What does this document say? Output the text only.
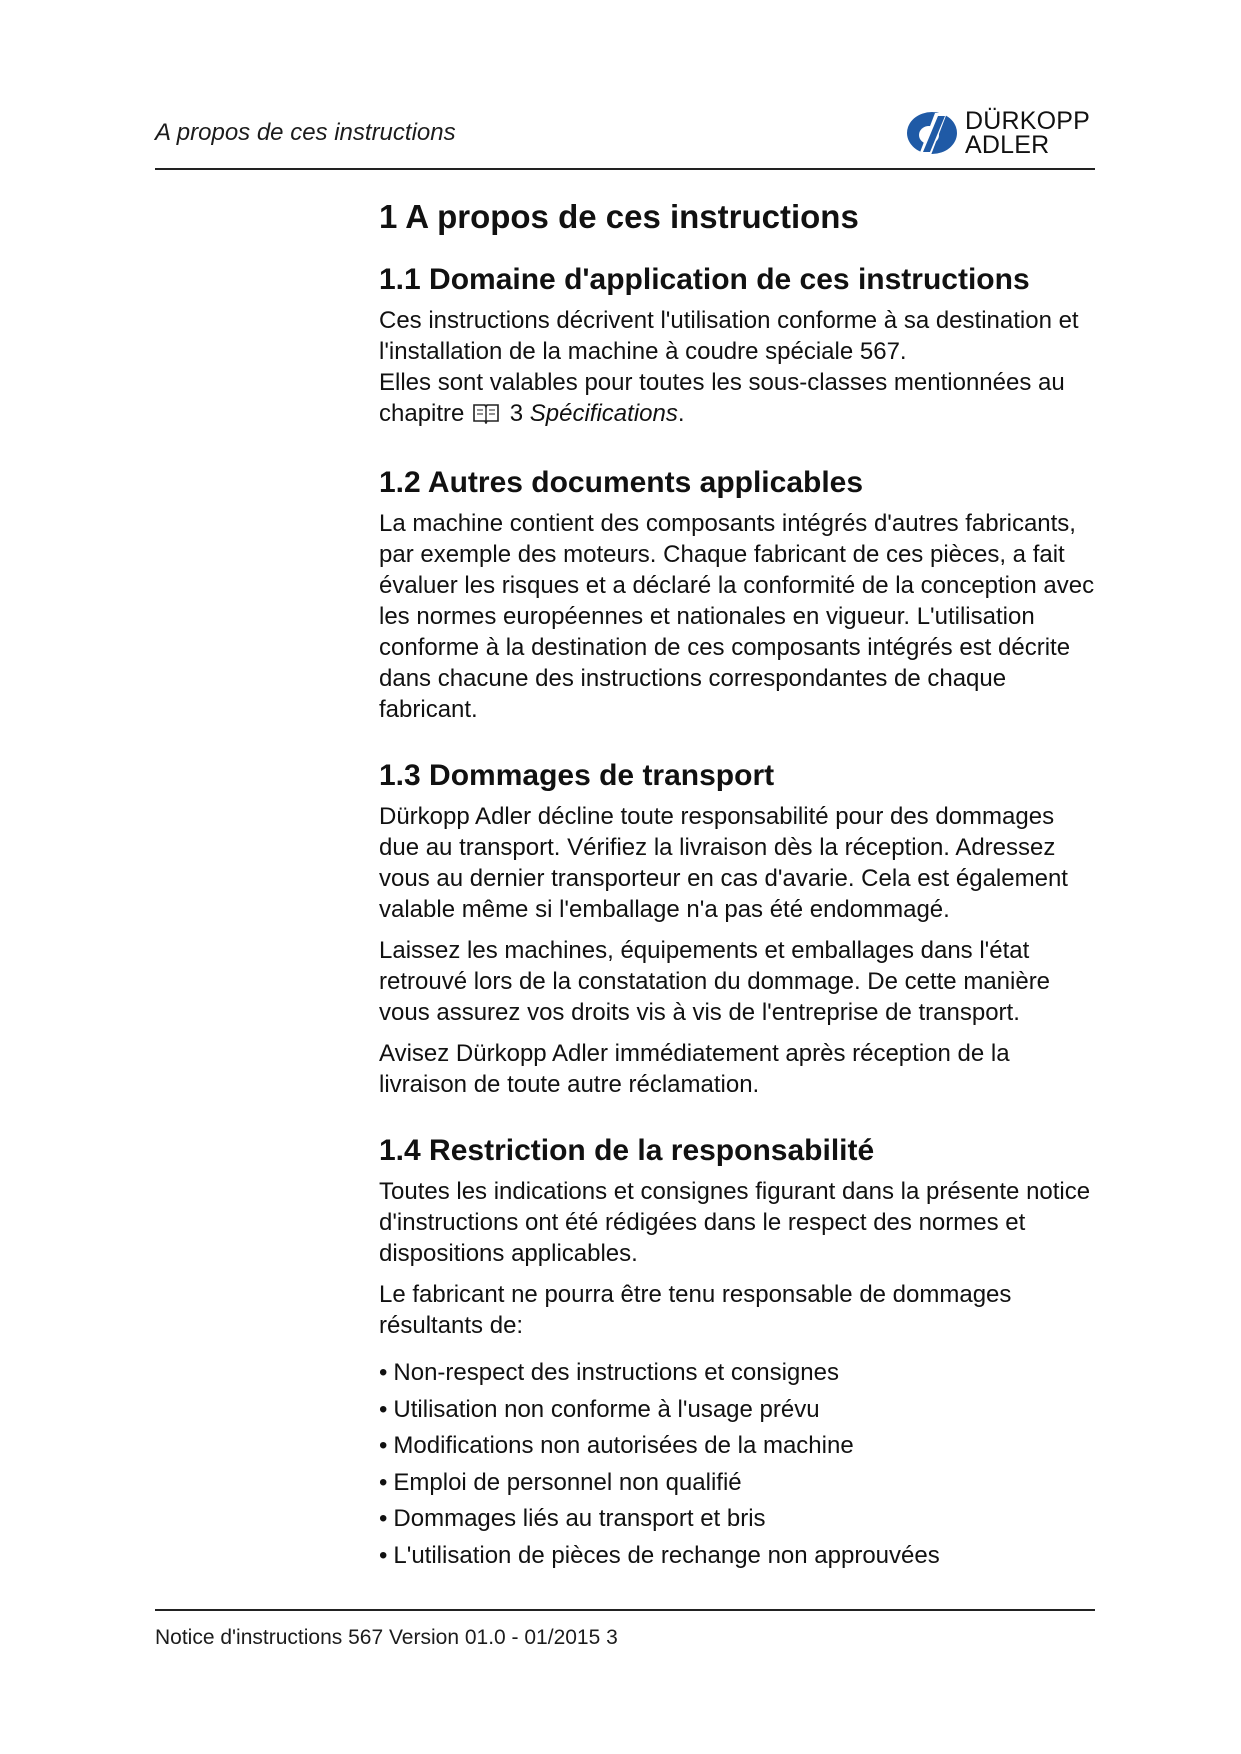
A propos de ces instructions	DÜRKOPP
ADLER
1 A propos de ces instructions
1.1 Domaine d'application de ces instructions

Ces instructions décrivent l'utilisation conforme à sa destination et l'installation de la machine à coudre spéciale 567.

Elles sont valables pour toutes les sous-classes mentionnées au chapitre 3 Spécifications.

1.2 Autres documents applicables

La machine contient des composants intégrés d'autres fabricants, par exemple des moteurs. Chaque fabricant de ces pièces, a fait évaluer les risques et a déclaré la conformité de la conception avec les normes européennes et nationales en vigueur. L'utilisation conforme à la destination de ces composants intégrés est décrite dans chacune des instructions correspondantes de chaque fabricant.

1.3 Dommages de transport

Dürkopp Adler décline toute responsabilité pour des dommages due au transport. Vérifiez la livraison dès la réception. Adressez vous au dernier transporteur en cas d'avarie. Cela est également valable même si l'emballage n'a pas été endommagé.

Laissez les machines, équipements et emballages dans l'état retrouvé lors de la constatation du dommage. De cette manière vous assurez vos droits vis à vis de l'entreprise de transport.

Avisez Dürkopp Adler immédiatement après réception de la livraison de toute autre réclamation.

1.4 Restriction de la responsabilité

Toutes les indications et consignes figurant dans la présente notice d'instructions ont été rédigées dans le respect des normes et dispositions applicables.

Le fabricant ne pourra être tenu responsable de dommages résultants de:

• Non-respect des instructions et consignes
• Utilisation non conforme à l'usage prévu
• Modifications non autorisées de la machine
• Emploi de personnel non qualifié
• Dommages liés au transport et bris
• L'utilisation de pièces de rechange non approuvées
Notice d'instructions 567 Version 01.0 - 01/2015 3
